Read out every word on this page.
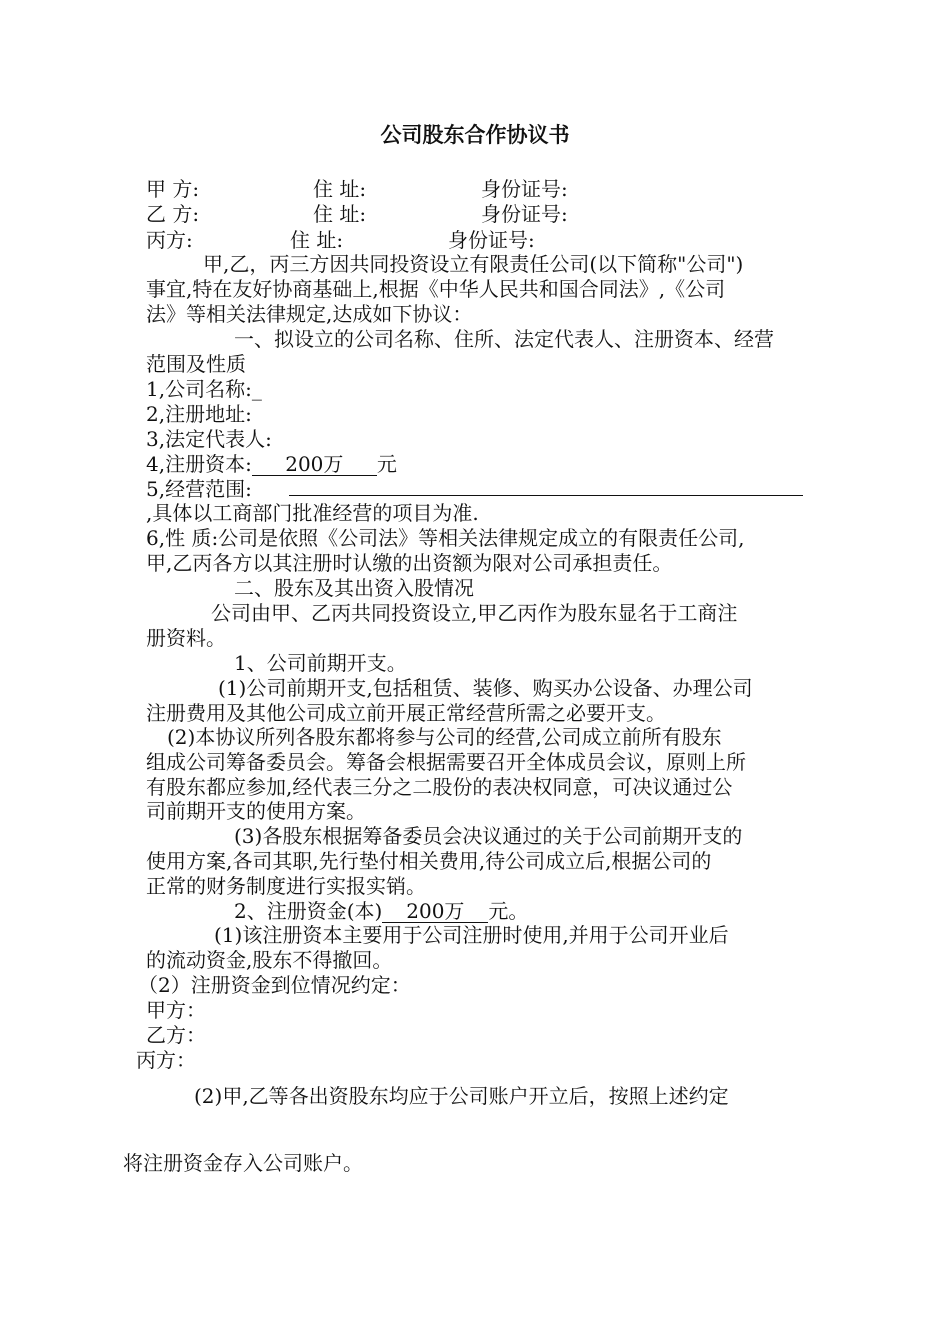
公司股东合作协议书
甲 方:	住 址:	身份证号:
乙 方:	住 址:	身份证号:
丙方:	住 址:	身份证号:
甲,乙，丙三方因共同投资设立有限责任公司(以下简称"公司")
事宜,特在友好协商基础上,根据《中华人民共和国合同法》,《公司
法》等相关法律规定,达成如下协议：
一、拟设立的公司名称、住所、法定代表人、注册资本、经营
范围及性质
1,公司名称:_
2,注册地址:
3,法定代表人:
4,注册资本: 200万 元
5,经营范围:
,具体以工商部门批准经营的项目为准.
6,性 质:公司是依照《公司法》等相关法律规定成立的有限责任公司,
甲,乙丙各方以其注册时认缴的出资额为限对公司承担责任。
二、股东及其出资入股情况
公司由甲、乙丙共同投资设立,甲乙丙作为股东显名于工商注
册资料。
1、公司前期开支。
(1)公司前期开支,包括租赁、装修、购买办公设备、办理公司
注册费用及其他公司成立前开展正常经营所需之必要开支。
(2)本协议所列各股东都将参与公司的经营,公司成立前所有股东
组成公司筹备委员会。筹备会根据需要召开全体成员会议，原则上所
有股东都应参加,经代表三分之二股份的表决权同意，可决议通过公
司前期开支的使用方案。
(3)各股东根据筹备委员会决议通过的关于公司前期开支的
使用方案,各司其职,先行垫付相关费用,待公司成立后,根据公司的
正常的财务制度进行实报实销。
2、注册资金(本) 200万 元。
(1)该注册资本主要用于公司注册时使用,并用于公司开业后
的流动资金,股东不得撤回。
（2）注册资金到位情况约定：
甲方：
乙方：
丙方：
(2)甲,乙等各出资股东均应于公司账户开立后，按照上述约定
将注册资金存入公司账户。
